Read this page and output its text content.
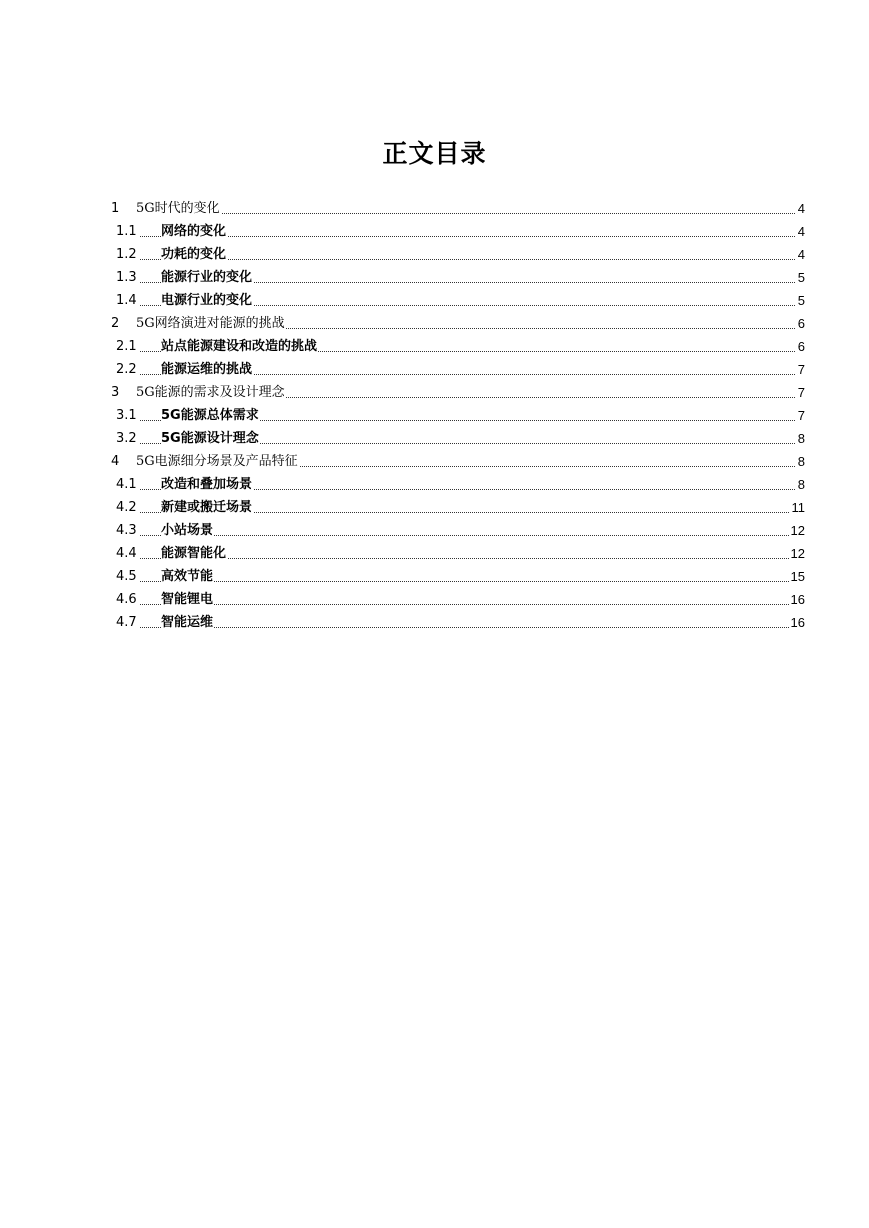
正文目录
1 5G时代的变化	4
1.1 网络的变化	4
1.2 功耗的变化	4
1.3 能源行业的变化	5
1.4 电源行业的变化	5
2 5G网络演进对能源的挑战	6
2.1 站点能源建设和改造的挑战	6
2.2 能源运维的挑战	7
3 5G能源的需求及设计理念	7
3.1 5G能源总体需求	7
3.2 5G能源设计理念	8
4 5G电源细分场景及产品特征	8
4.1 改造和叠加场景	8
4.2 新建或搬迁场景	11
4.3 小站场景	12
4.4 能源智能化	12
4.5 高效节能	15
4.6 智能锂电	16
4.7 智能运维	16
